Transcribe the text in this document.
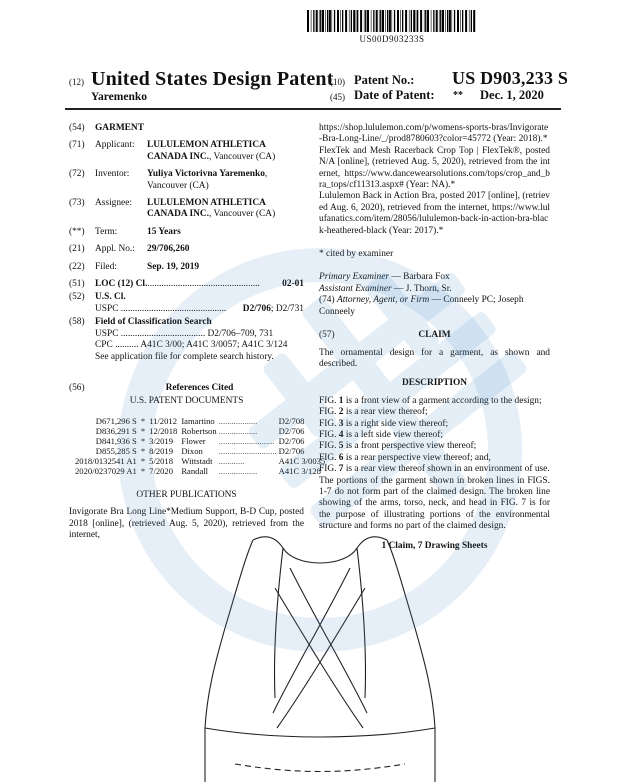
US00D903233S
(12) United States Design Patent
Yaremenko
(10) Patent No.: US D903,233 S
(45) Date of Patent: ** Dec. 1, 2020
(54)	GARMENT
(71)	Applicant:	LULULEMON ATHLETICA CANADA INC., Vancouver (CA)
(72)	Inventor:	Yuliya Victorivna Yaremenko, Vancouver (CA)
(73)	Assignee:	LULULEMON ATHLETICA CANADA INC., Vancouver (CA)
(**)	Term:	15 Years
(21)	Appl. No.:	29/706,260
(22)	Filed:	Sep. 19, 2019
(51)	LOC (12) Cl. ................................................	02-01
(52)	U.S. Cl.

USPC .............................................	D2/706 ; D2/731
(58)	Field of Classification Search
USPC .................................... D2/706–709, 731
CPC .......... A41C 3/00; A41C 3/0057; A41C 3/124
See application file for complete search history.
(56)	References Cited
U.S. PATENT DOCUMENTS
D671,296 S	*	11/2012	Iamartino	..................	D2/708
D836,291 S	*	12/2018	Robertson	..................	D2/706
D841,936 S	*	3/2019	Flower	..........................	D2/706
D855,285 S	*	8/2019	Dixon	...........................	D2/706
2018/0132541 A1	*	5/2018	Wittstadt	............	A41C 3/0035
2020/0237029 A1	*	7/2020	Randall	..................	A41C 3/128
OTHER PUBLICATIONS
Invigorate Bra Long Line*Medium Support, B-D Cup, posted 2018 [online], (retrieved Aug. 5, 2020), retrieved from the internet,
https://shop.lululemon.com/p/womens-sports-bras/Invigorate-Bra-Long-Line/_/prod8780603?color=45772 (Year: 2018).*
FlexTek and Mesh Racerback Crop Top | FlexTek®, posted N/A [online], (retrieved Aug. 5, 2020), retrieved from the internet, https://www.dancewearsolutions.com/tops/crop_and_bra_tops/cf11313.aspx# (Year: NA).*
Lululemon Back in Action Bra, posted 2017 [online], (retrieved Aug. 6, 2020), retrieved from the internet, https://www.lulufanatics.com/item/28056/lululemon-back-in-action-bra-black-heathered-black (Year: 2017).*
* cited by examiner
Primary Examiner — Barbara Fox
Assistant Examiner — J. Thorn, Sr.
(74) Attorney, Agent, or Firm — Conneely PC; Joseph Conneely
(57)	CLAIM
The ornamental design for a garment, as shown and described.
DESCRIPTION
FIG. 1 is a front view of a garment according to the design;
FIG. 2 is a rear view thereof;
FIG. 3 is a right side view thereof;
FIG. 4 is a left side view thereof;
FIG. 5 is a front perspective view thereof;
FIG. 6 is a rear perspective view thereof; and,
FIG. 7 is a rear view thereof shown in an environment of use.
The portions of the garment shown in broken lines in FIGS. 1-7 do not form part of the claimed design. The broken line showing of the arms, torso, neck, and head in FIG. 7 is for the purpose of illustrating portions of the environmental structure and forms no part of the claimed design.
1 Claim, 7 Drawing Sheets
